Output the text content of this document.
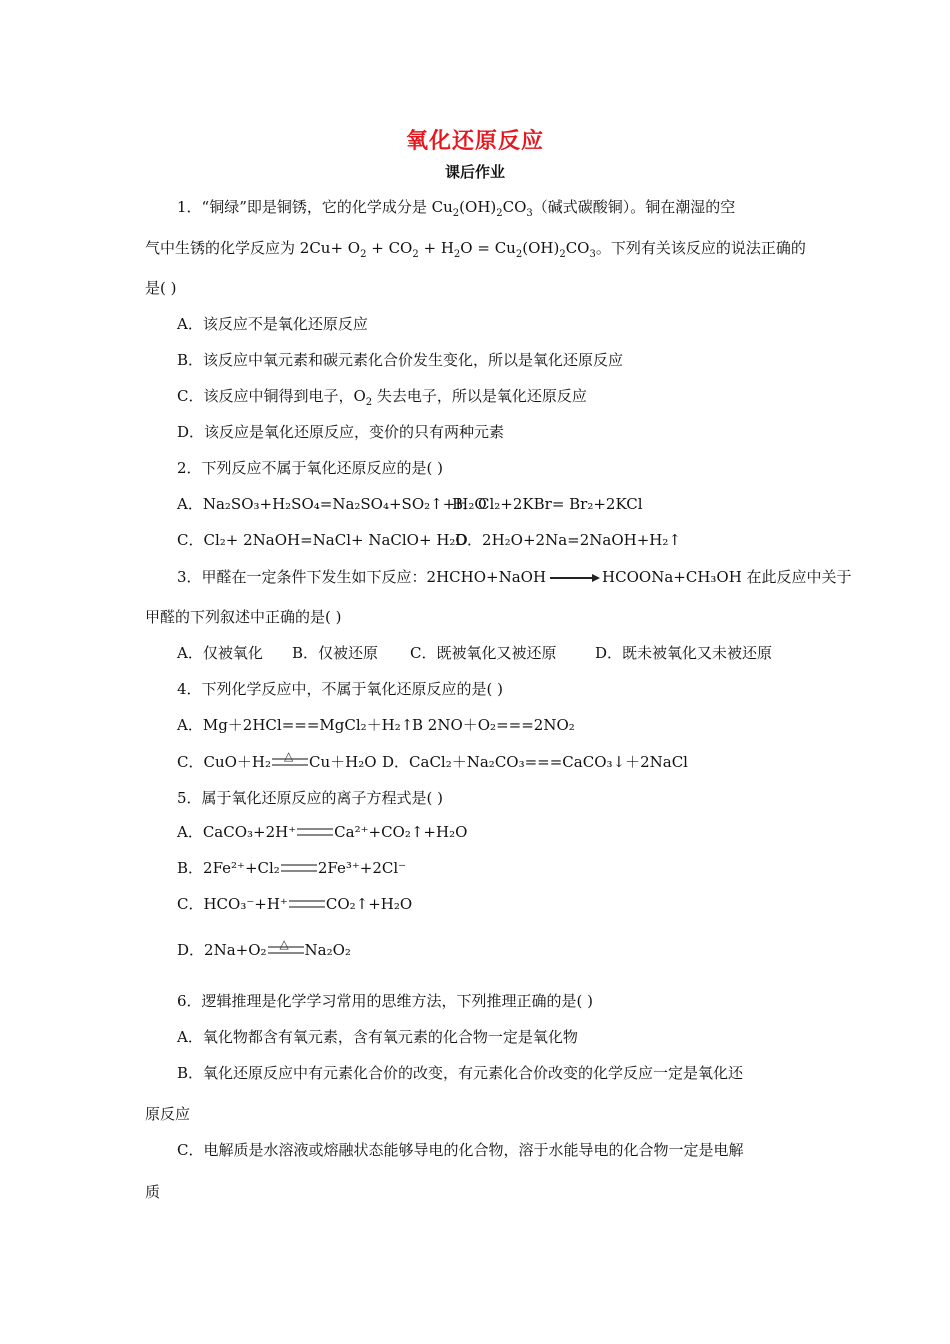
氧化还原反应
课后作业
1．“铜绿”即是铜锈，它的化学成分是 $Cu_2(OH)_2CO_3$（碱式碳酸铜）。铜在潮湿的空
气中生锈的化学反应为 $2Cu+ O_2 + CO_2 + H_2O = Cu_2(OH)_2CO_3$。下列有关该反应的说法正确的
是( )
A．该反应不是氧化还原反应
B．该反应中氧元素和碳元素化合价发生变化，所以是氧化还原反应
C．该反应中铜得到电子，$O_2$ 失去电子，所以是氧化还原反应
D．该反应是氧化还原反应，变价的只有两种元素
2．下列反应不属于氧化还原反应的是( )
A．Na₂SO₃+H₂SO₄=Na₂SO₄+SO₂↑+H₂O
B．Cl₂+2KBr= Br₂+2KCl
C．Cl₂+ 2NaOH=NaCl+ NaClO+ H₂O
D．2H₂O+2Na=2NaOH+H₂↑
3．甲醛在一定条件下发生如下反应：2HCHO+NaOH → HCOONa+CH₃OH 在此反应中关于
甲醛的下列叙述中正确的是( )
A．仅被氧化 B．仅被还原 C．既被氧化又被还原	D．既未被氧化又未被还原
4．下列化学反应中，不属于氧化还原反应的是( )
A．Mg＋2HCl===MgCl₂＋H₂↑
B 2NO＋O₂===2NO₂
C．CuO＋H₂ △ Cu＋H₂O D．CaCl₂＋Na₂CO₃===CaCO₃↓＋2NaCl
5．属于氧化还原反应的离子方程式是( )
A．CaCO₃+2H⁺	Ca²⁺+CO₂↑+H₂O
B．2Fe²⁺+Cl₂	2Fe³⁺+2Cl⁻
C．HCO₃⁻+H⁺	CO₂↑+H₂O
D．2Na+O₂ △ Na₂O₂
6．逻辑推理是化学学习常用的思维方法，下列推理正确的是( )
A．氧化物都含有氧元素，含有氧元素的化合物一定是氧化物
B．氧化还原反应中有元素化合价的改变，有元素化合价改变的化学反应一定是氧化还
原反应
C．电解质是水溶液或熔融状态能够导电的化合物，溶于水能导电的化合物一定是电解
质
